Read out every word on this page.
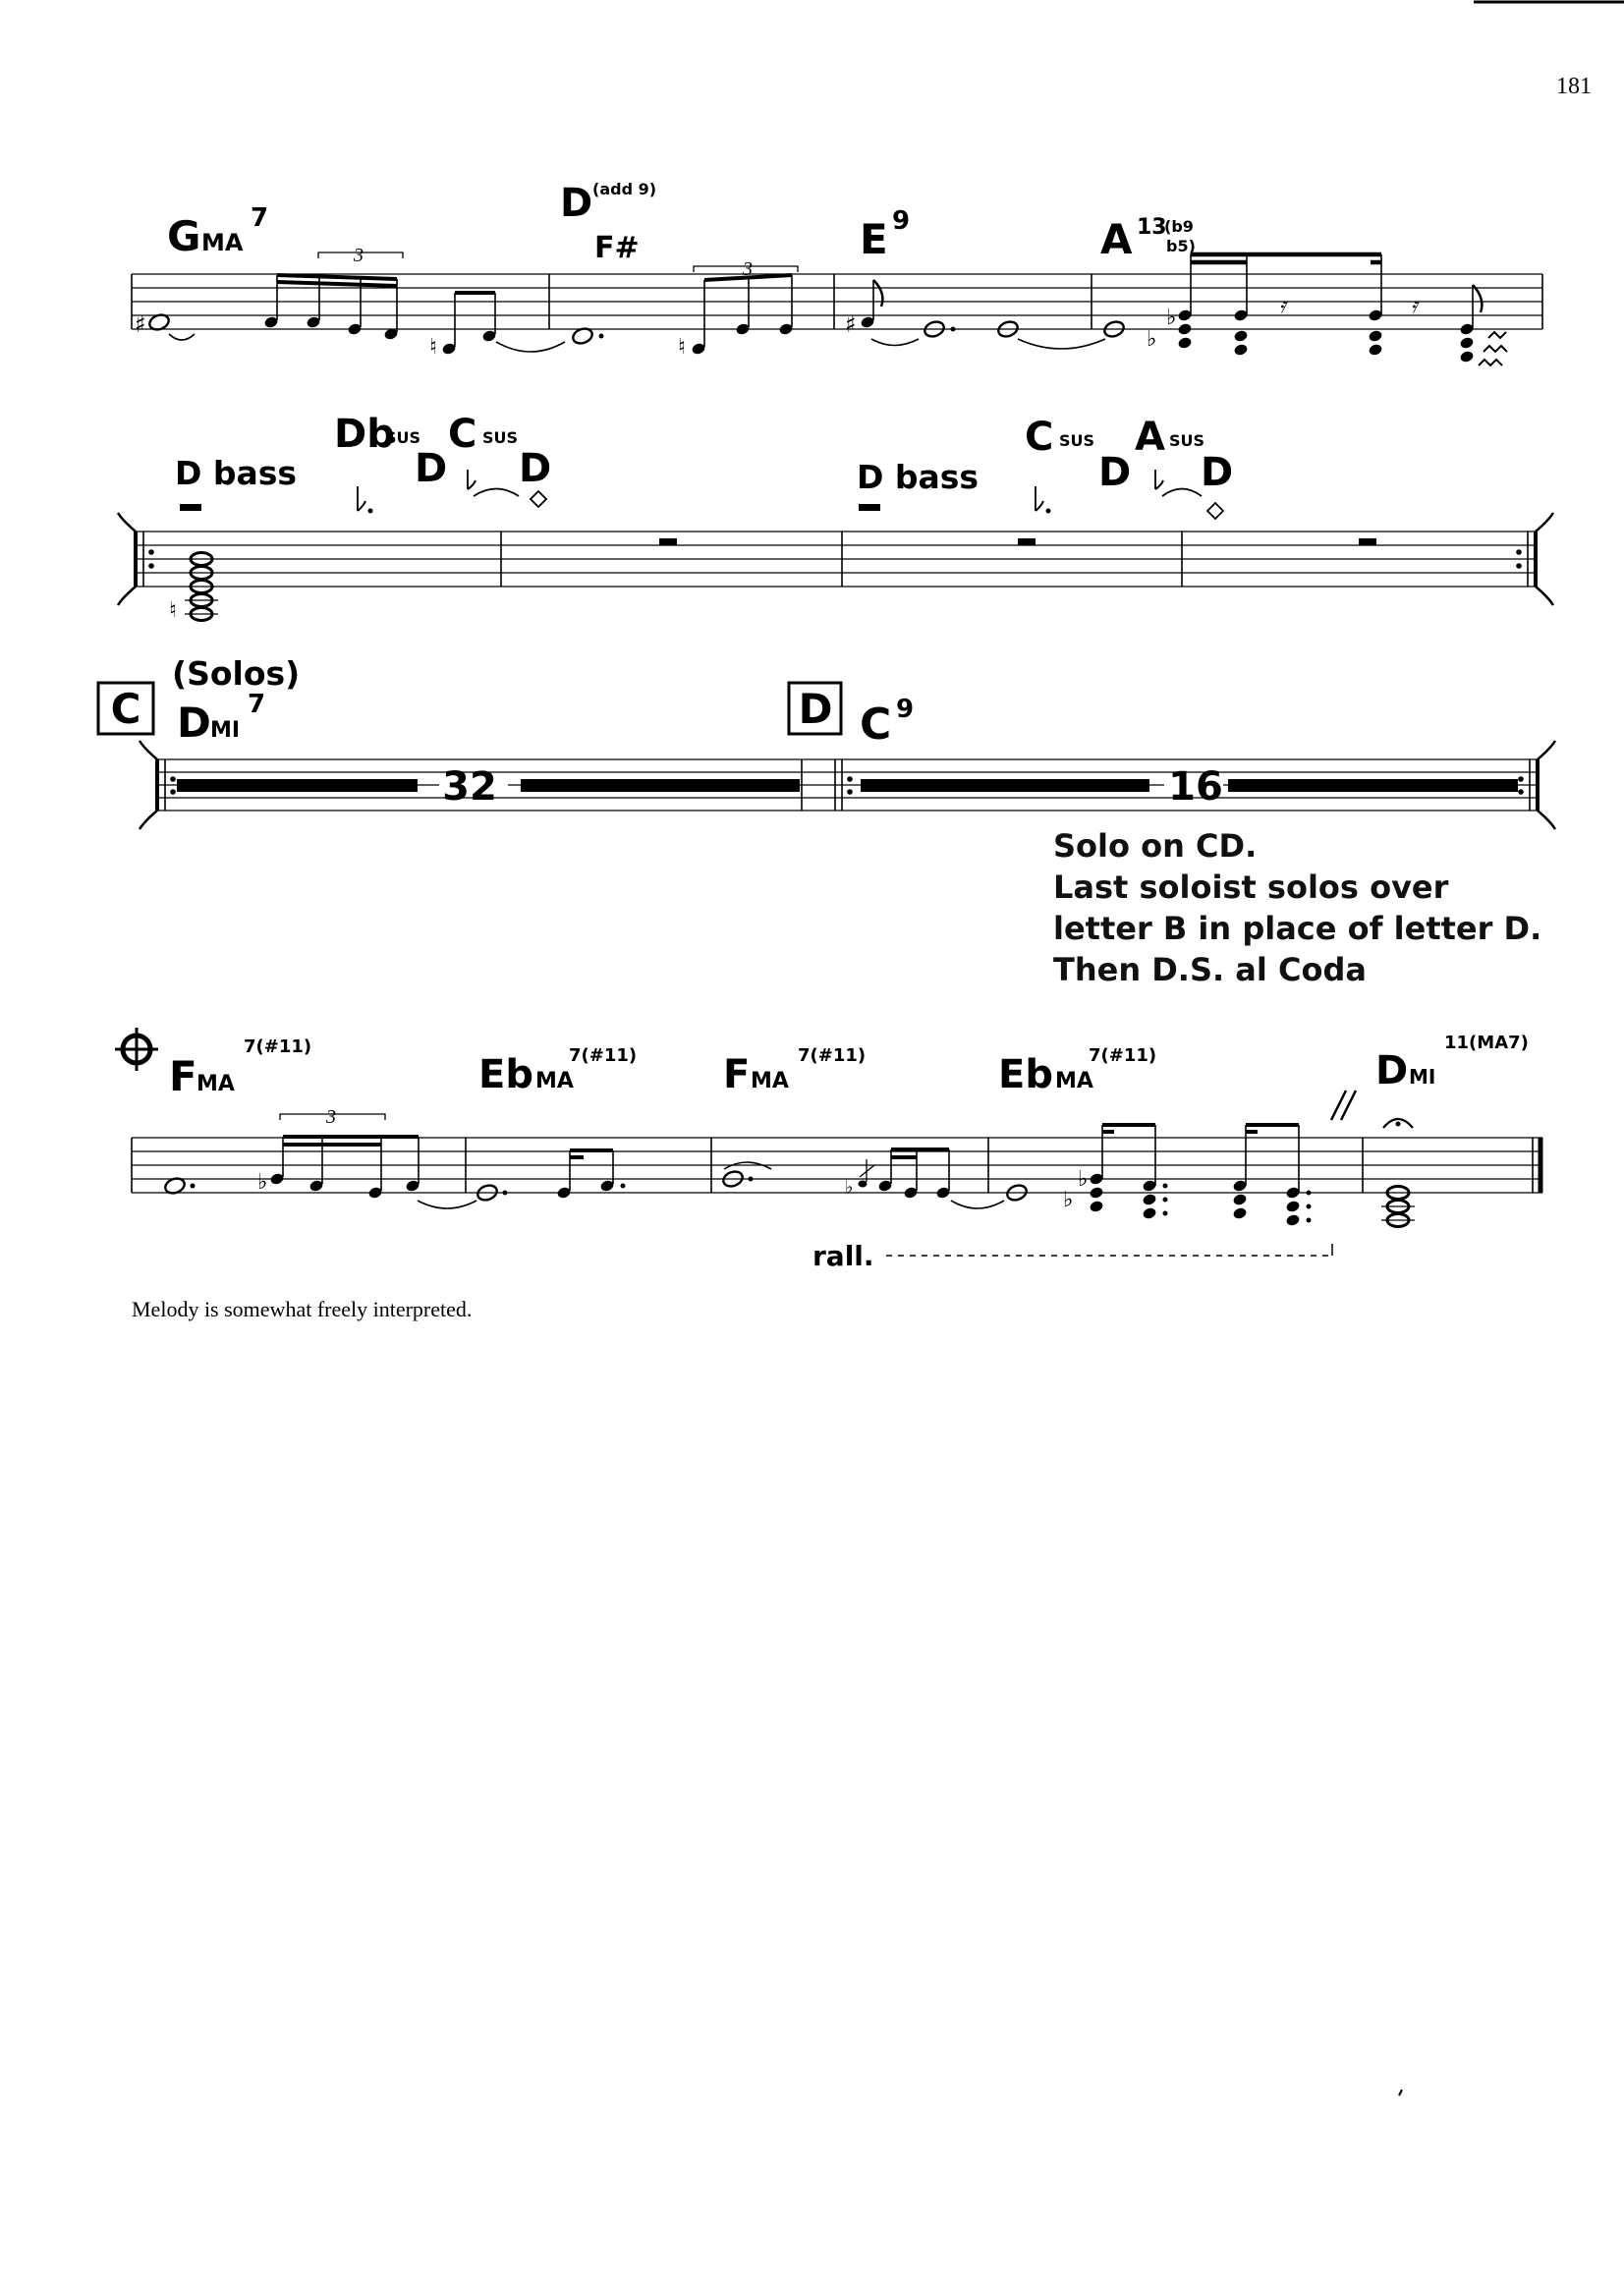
181
G MA
7	D (add 9)
F#	E 9	A 13
(b9
b5)
♯
3
♮	♮
3
♯	♭
♭
𝄿	𝄿
♮
D bass
Db
SUS C SUS
D D	D bass
C SUS A SUS
D D
32	16
C	D
(Solos)
D MI
7	C 9
F MA
7(#11)
Eb MA
7(#11) F MA
7(#11)	Eb MA
7(#11)	D MI
11(MA7)
♭
3
♭	♭
♭
rall.
Melody is somewhat freely interpreted.
Solo on CD.
Last soloist solos over
letter B in place of letter D.
Then D.S. al Coda
